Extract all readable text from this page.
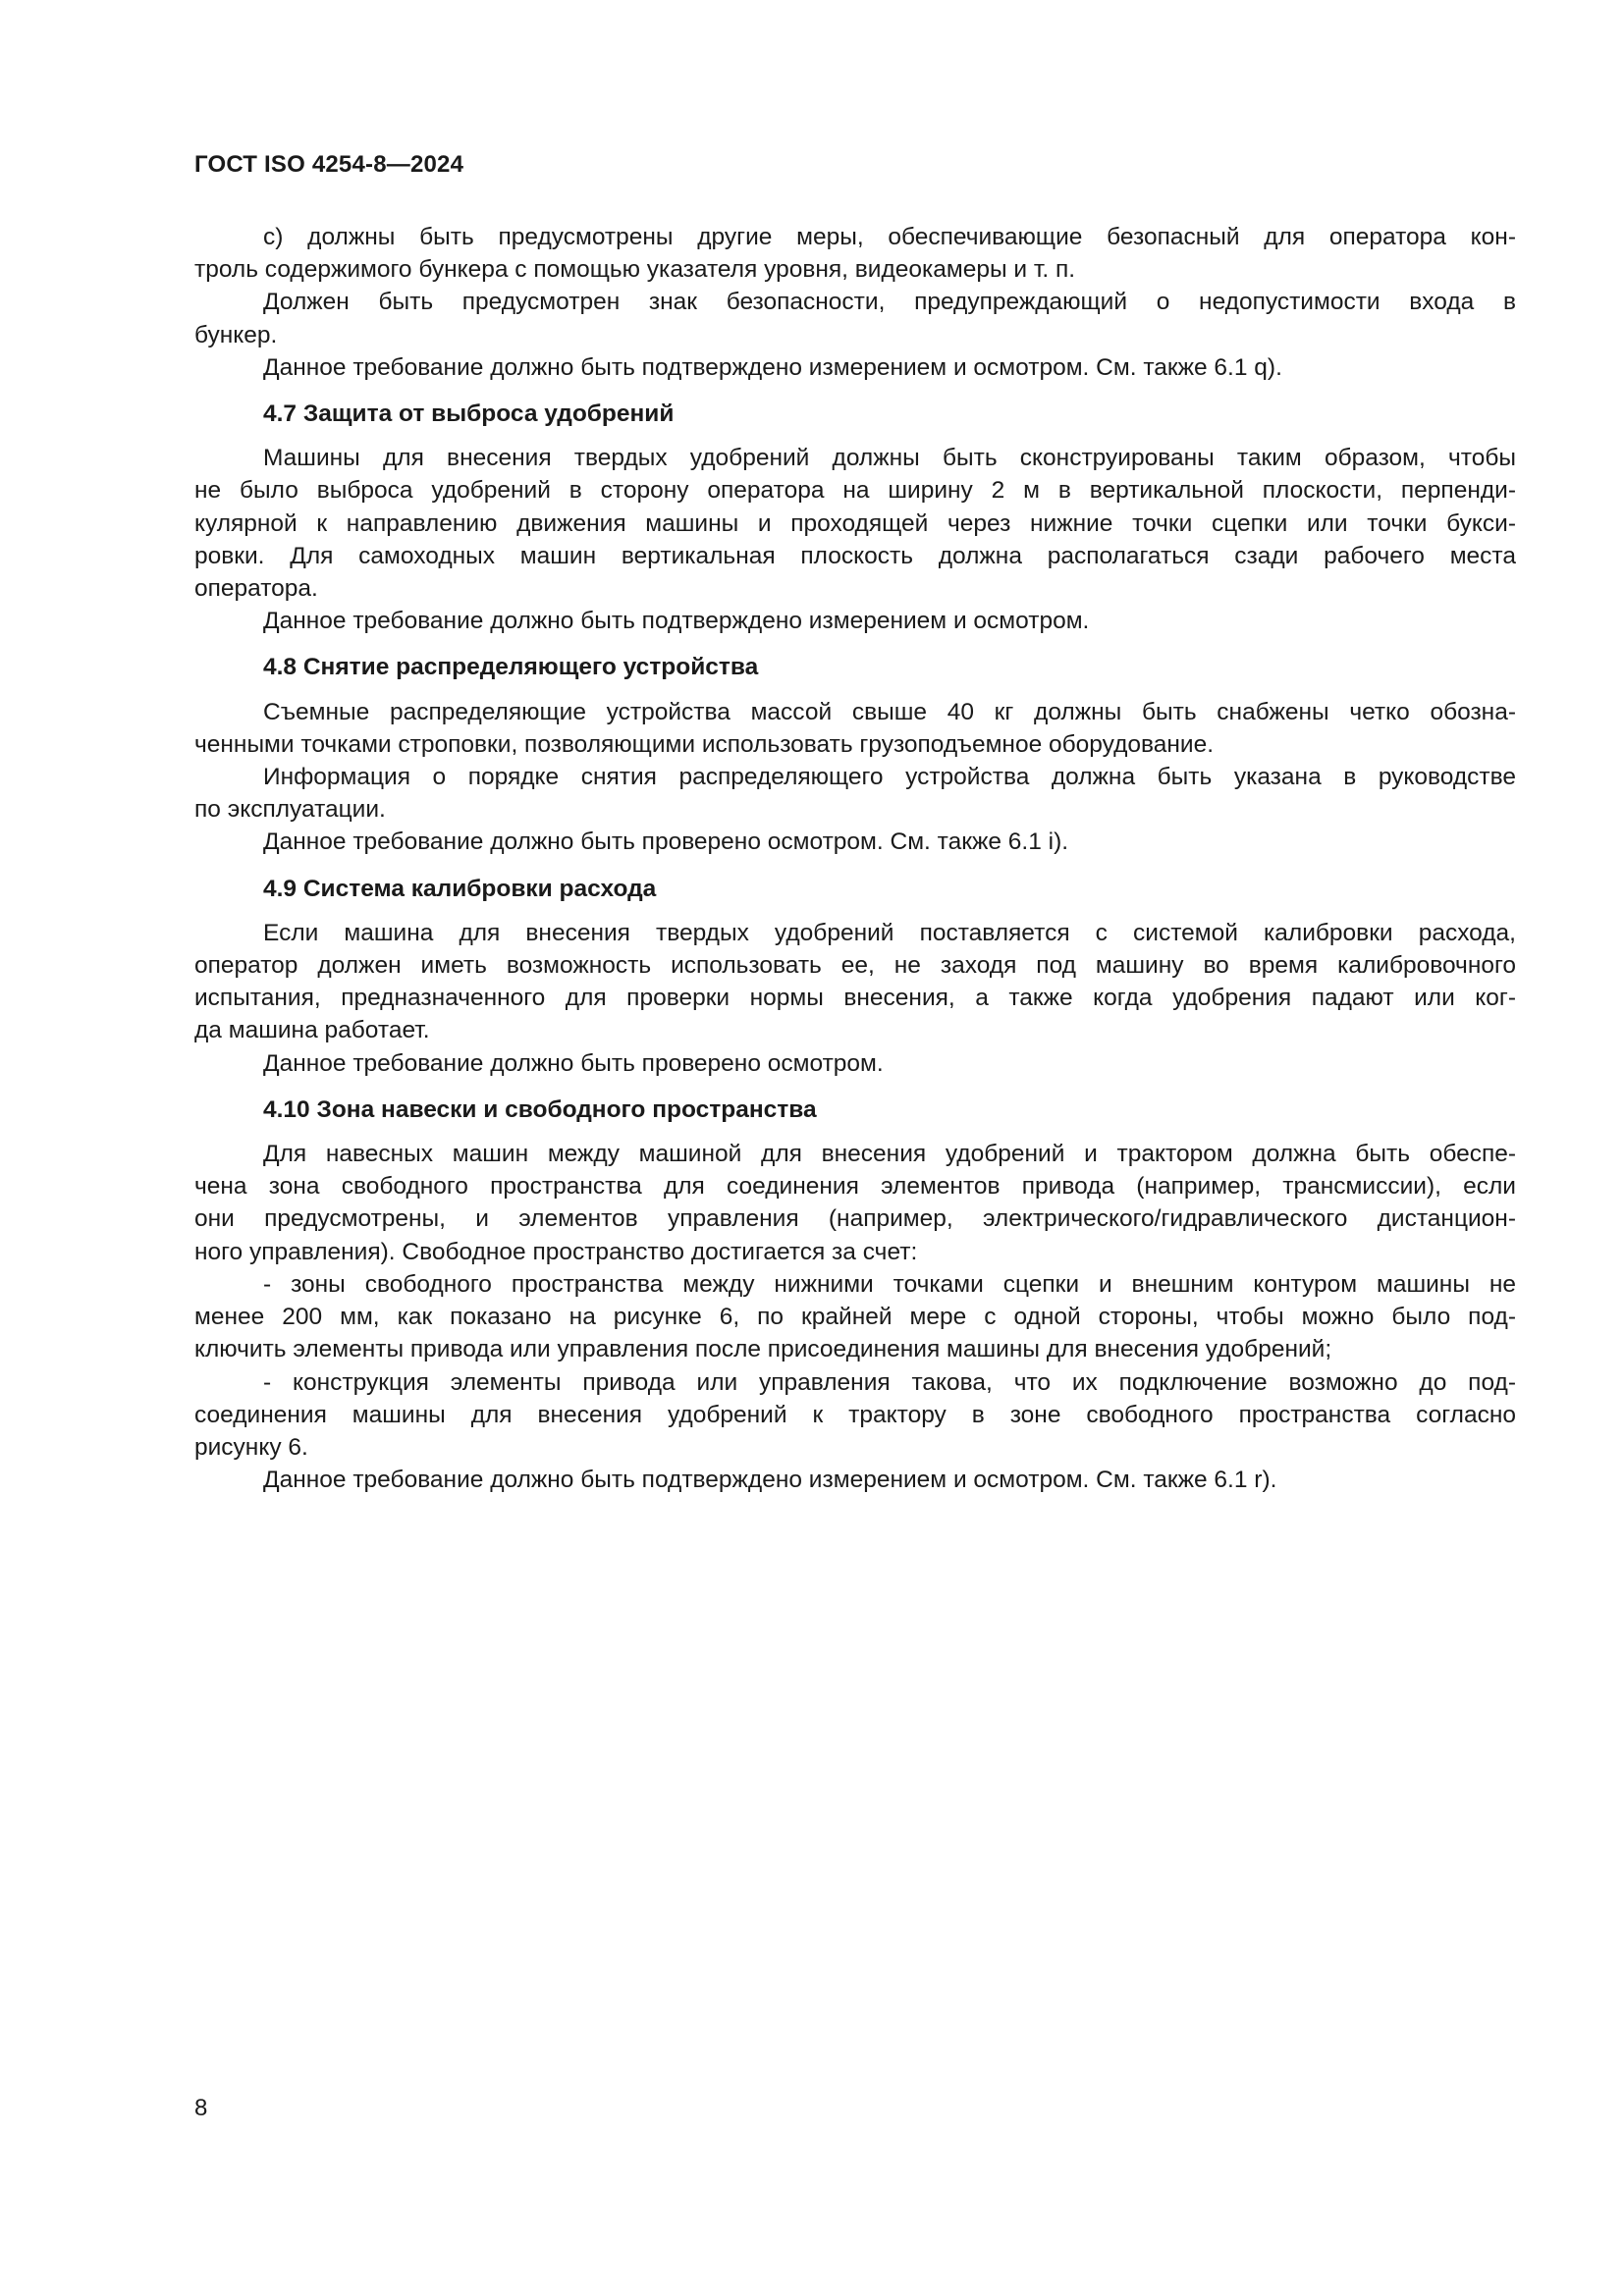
ГОСТ ISO 4254-8—2024
с) должны быть предусмотрены другие меры, обеспечивающие безопасный для оператора кон-
троль содержимого бункера с помощью указателя уровня, видеокамеры и т. п.
Должен быть предусмотрен знак безопасности, предупреждающий о недопустимости входа в
бункер.
Данное требование должно быть подтверждено измерением и осмотром. См. также 6.1 q).
4.7 Защита от выброса удобрений
Машины для внесения твердых удобрений должны быть сконструированы таким образом, чтобы
не было выброса удобрений в сторону оператора на ширину 2 м в вертикальной плоскости, перпенди-
кулярной к направлению движения машины и проходящей через нижние точки сцепки или точки букси-
ровки. Для самоходных машин вертикальная плоскость должна располагаться сзади рабочего места
оператора.
Данное требование должно быть подтверждено измерением и осмотром.
4.8 Снятие распределяющего устройства
Съемные распределяющие устройства массой свыше 40 кг должны быть снабжены четко обозна-
ченными точками строповки, позволяющими использовать грузоподъемное оборудование.
Информация о порядке снятия распределяющего устройства должна быть указана в руководстве
по эксплуатации.
Данное требование должно быть проверено осмотром. См. также 6.1 i).
4.9 Система калибровки расхода
Если машина для внесения твердых удобрений поставляется с системой калибровки расхода,
оператор должен иметь возможность использовать ее, не заходя под машину во время калибровочного
испытания, предназначенного для проверки нормы внесения, а также когда удобрения падают или ког-
да машина работает.
Данное требование должно быть проверено осмотром.
4.10 Зона навески и свободного пространства
Для навесных машин между машиной для внесения удобрений и трактором должна быть обеспе-
чена зона свободного пространства для соединения элементов привода (например, трансмиссии), если
они предусмотрены, и элементов управления (например, электрического/гидравлического дистанцион-
ного управления). Свободное пространство достигается за счет:
- зоны свободного пространства между нижними точками сцепки и внешним контуром машины не
менее 200 мм, как показано на рисунке 6, по крайней мере с одной стороны, чтобы можно было под-
ключить элементы привода или управления после присоединения машины для внесения удобрений;
- конструкция элементы привода или управления такова, что их подключение возможно до под-
соединения машины для внесения удобрений к трактору в зоне свободного пространства согласно
рисунку 6.
Данное требование должно быть подтверждено измерением и осмотром. См. также 6.1 r).
8
